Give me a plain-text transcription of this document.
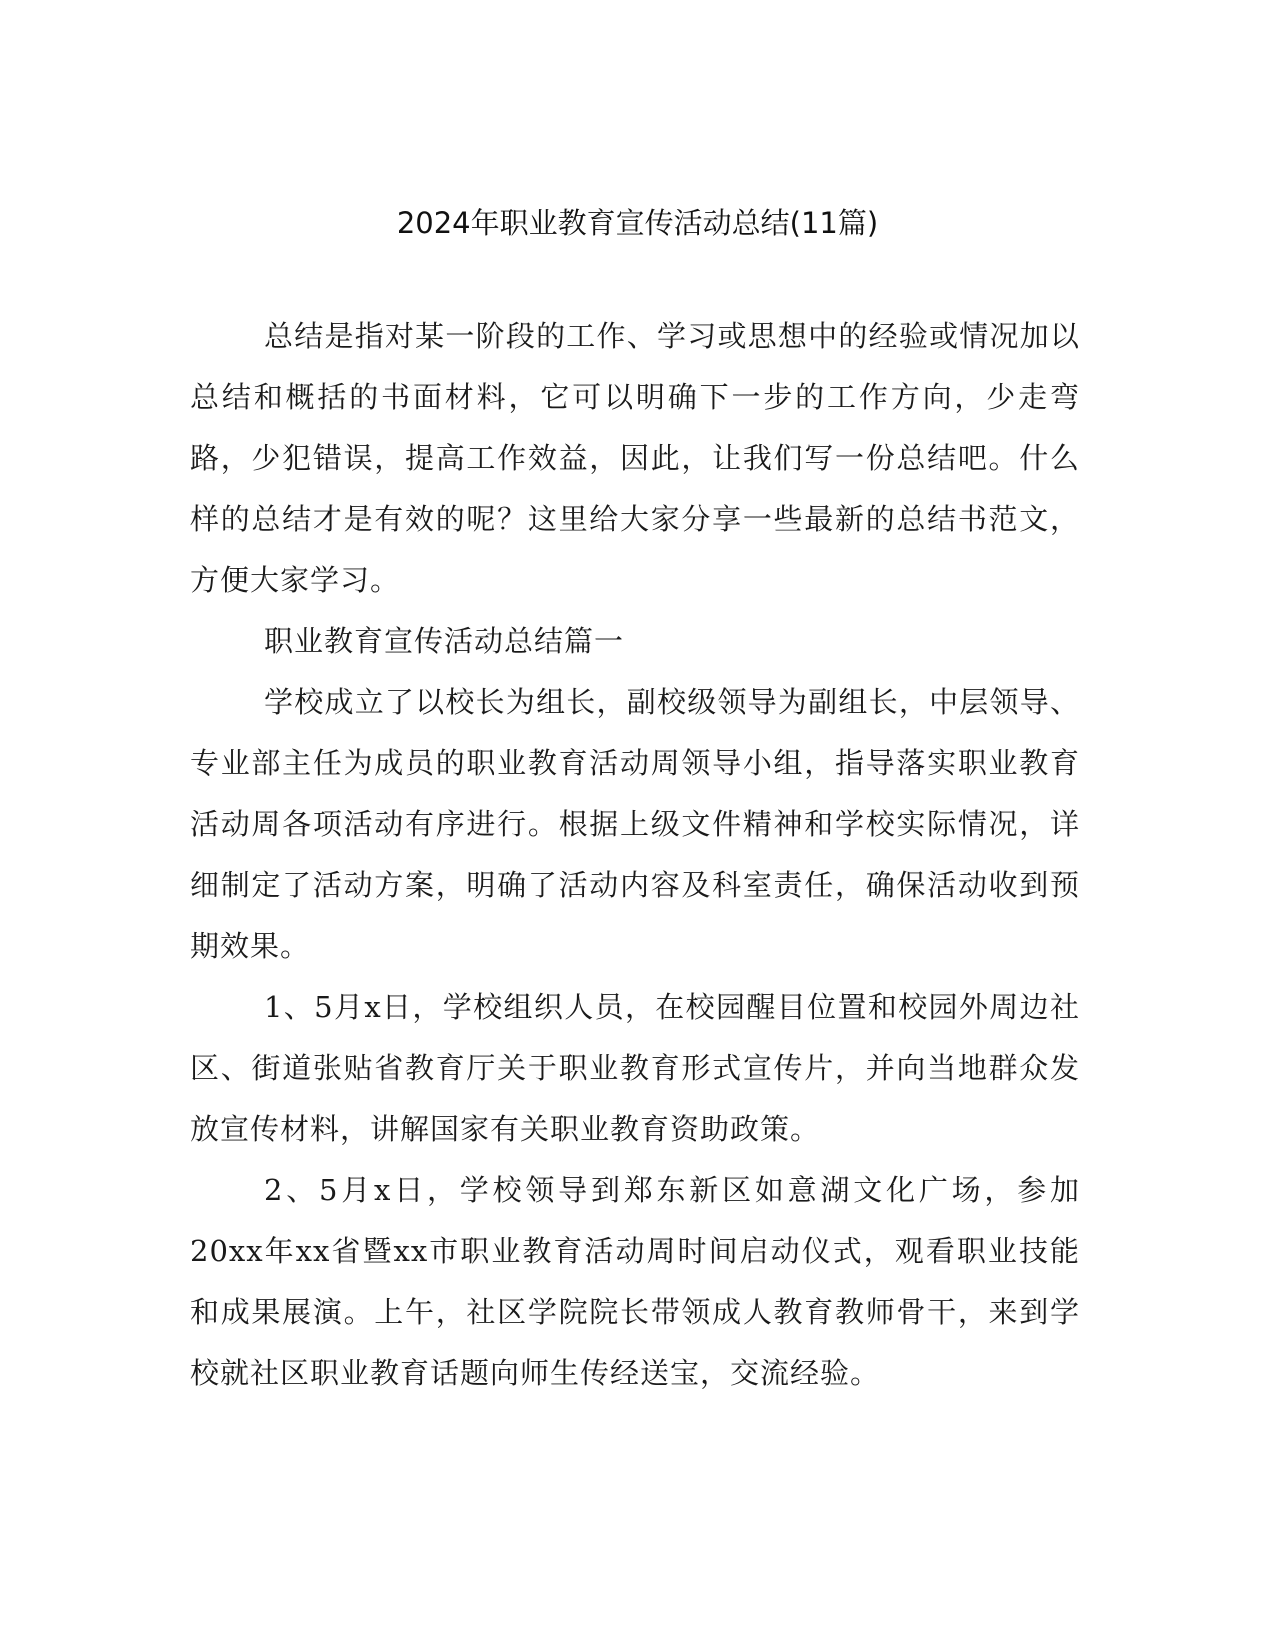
2024年职业教育宣传活动总结(11篇)

总结是指对某一阶段的工作、学习或思想中的经验或情况加以总结和概括的书面材料，它可以明确下一步的工作方向，少走弯路，少犯错误，提高工作效益，因此，让我们写一份总结吧。什么样的总结才是有效的呢？这里给大家分享一些最新的总结书范文，方便大家学习。

职业教育宣传活动总结篇一

学校成立了以校长为组长，副校级领导为副组长，中层领导、专业部主任为成员的职业教育活动周领导小组，指导落实职业教育活动周各项活动有序进行。根据上级文件精神和学校实际情况，详细制定了活动方案，明确了活动内容及科室责任，确保活动收到预期效果。

1、5月x日，学校组织人员，在校园醒目位置和校园外周边社区、街道张贴省教育厅关于职业教育形式宣传片，并向当地群众发放宣传材料，讲解国家有关职业教育资助政策。

2、5月x日，学校领导到郑东新区如意湖文化广场，参加20xx年xx省暨xx市职业教育活动周时间启动仪式，观看职业技能和成果展演。上午，社区学院院长带领成人教育教师骨干，来到学校就社区职业教育话题向师生传经送宝，交流经验。
